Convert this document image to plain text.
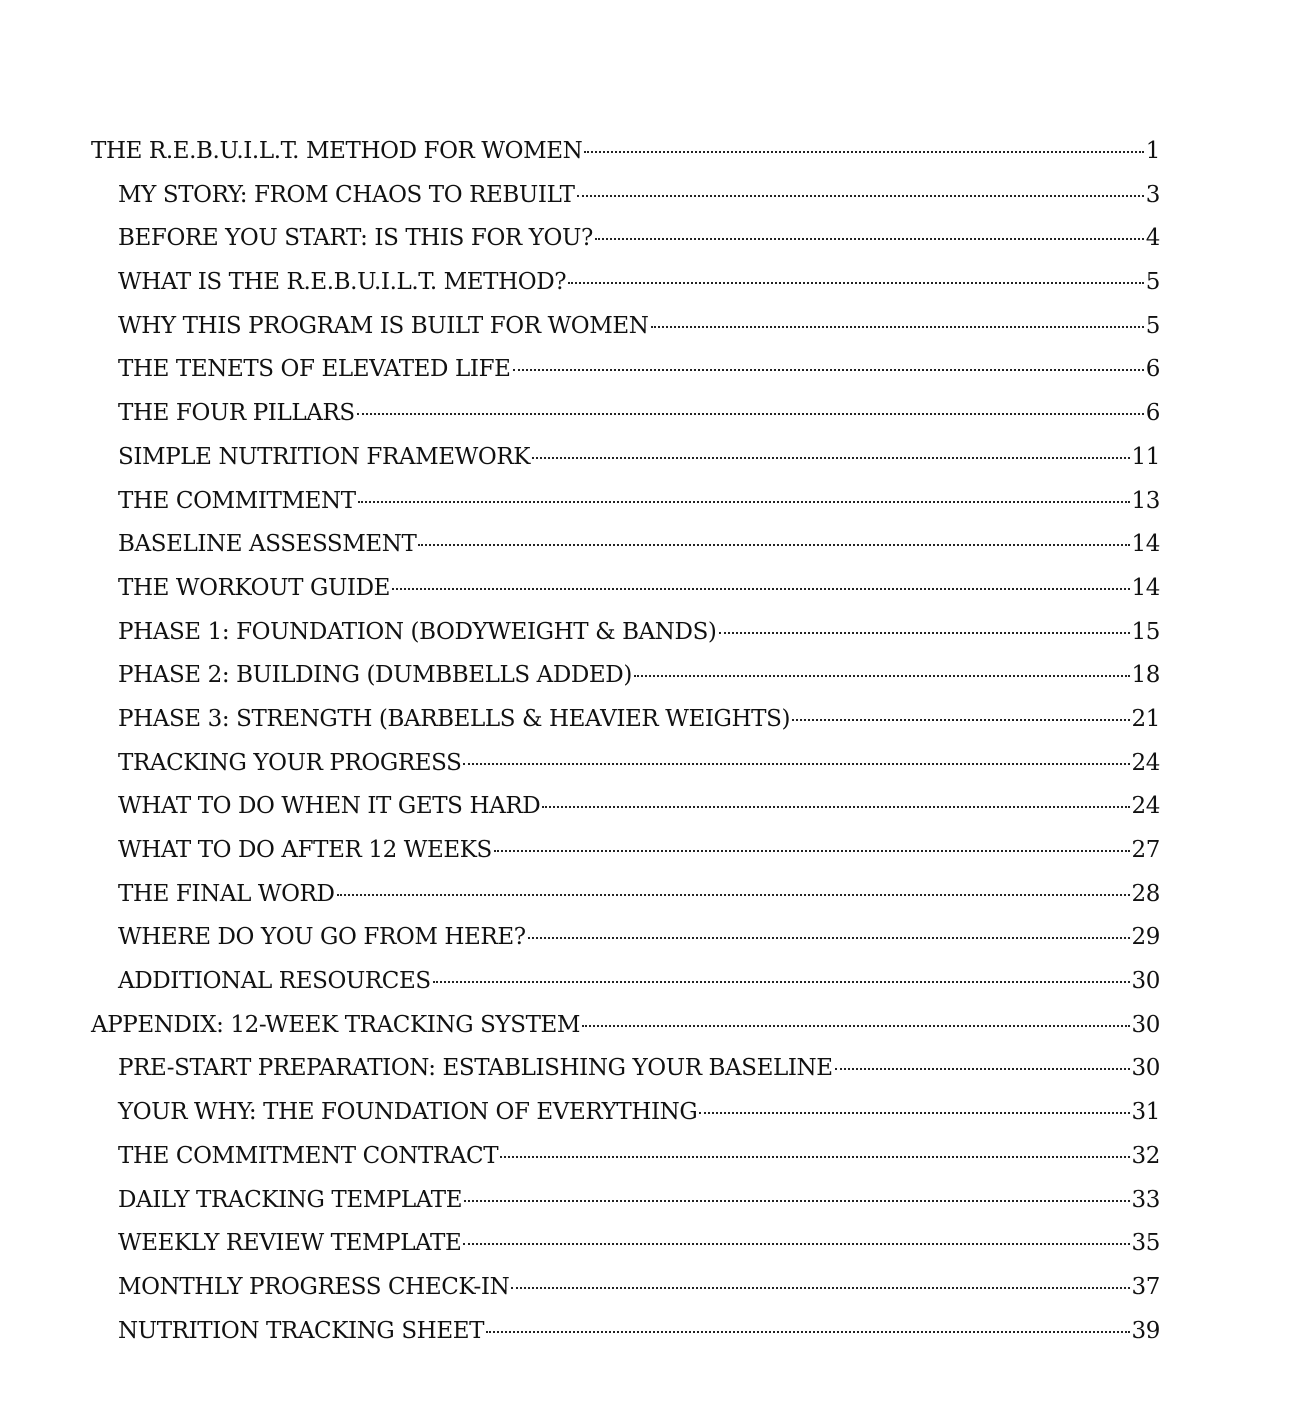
THE R.E.B.U.I.L.T. METHOD FOR WOMEN	1
MY STORY: FROM CHAOS TO REBUILT	3
BEFORE YOU START: IS THIS FOR YOU?	4
WHAT IS THE R.E.B.U.I.L.T. METHOD?	5
WHY THIS PROGRAM IS BUILT FOR WOMEN	5
THE TENETS OF ELEVATED LIFE	6
THE FOUR PILLARS	6
SIMPLE NUTRITION FRAMEWORK	11
THE COMMITMENT	13
BASELINE ASSESSMENT	14
THE WORKOUT GUIDE	14
PHASE 1: FOUNDATION (BODYWEIGHT & BANDS)	15
PHASE 2: BUILDING (DUMBBELLS ADDED)	18
PHASE 3: STRENGTH (BARBELLS & HEAVIER WEIGHTS)	21
TRACKING YOUR PROGRESS	24
WHAT TO DO WHEN IT GETS HARD	24
WHAT TO DO AFTER 12 WEEKS	27
THE FINAL WORD	28
WHERE DO YOU GO FROM HERE?	29
ADDITIONAL RESOURCES	30
APPENDIX: 12-WEEK TRACKING SYSTEM	30
PRE-START PREPARATION: ESTABLISHING YOUR BASELINE	30
YOUR WHY: THE FOUNDATION OF EVERYTHING	31
THE COMMITMENT CONTRACT	32
DAILY TRACKING TEMPLATE	33
WEEKLY REVIEW TEMPLATE	35
MONTHLY PROGRESS CHECK-IN	37
NUTRITION TRACKING SHEET	39
